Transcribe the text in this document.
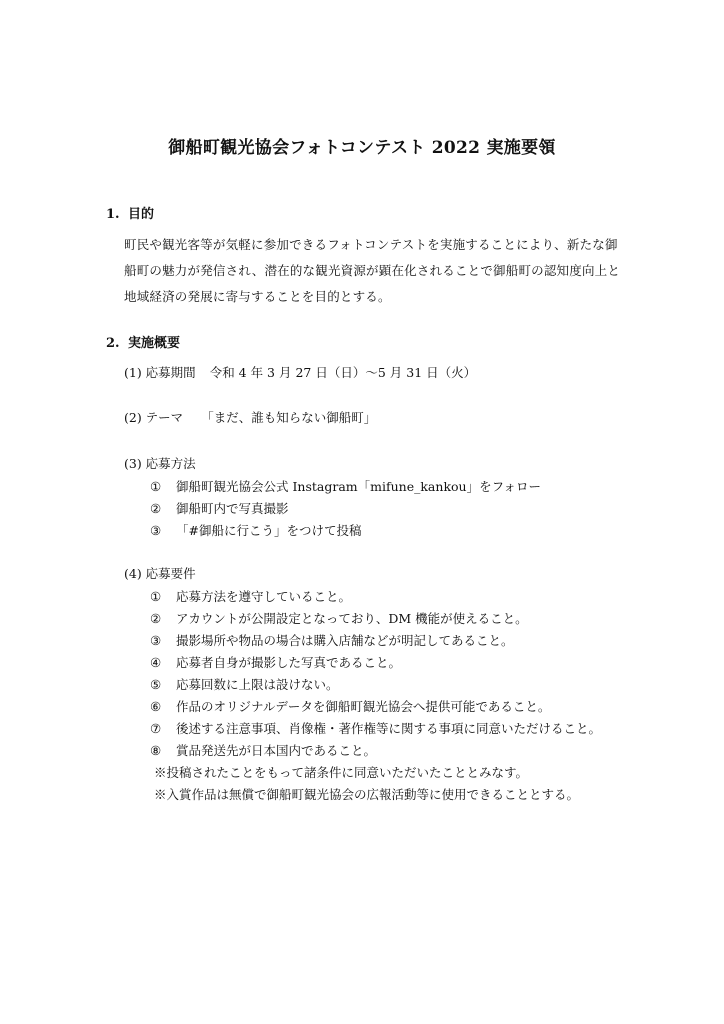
御船町観光協会フォトコンテスト 2022 実施要領
1. 目的
町民や観光客等が気軽に参加できるフォトコンテストを実施することにより、新たな御
船町の魅力が発信され、潜在的な観光資源が顕在化されることで御船町の認知度向上と
地域経済の発展に寄与することを目的とする。
2. 実施概要
(1) 応募期間 令和 4 年 3 月 27 日（日）～5 月 31 日（火）
(2) テーマ 「まだ、誰も知らない御船町」
(3) 応募方法
① 御船町観光協会公式 Instagram「mifune_kankou」をフォロー
② 御船町内で写真撮影
③ 「#御船に行こう」をつけて投稿
(4) 応募要件
① 応募方法を遵守していること。
② アカウントが公開設定となっており、DM 機能が使えること。
③ 撮影場所や物品の場合は購入店舗などが明記してあること。
④ 応募者自身が撮影した写真であること。
⑤ 応募回数に上限は設けない。
⑥ 作品のオリジナルデータを御船町観光協会へ提供可能であること。
⑦ 後述する注意事項、肖像権・著作権等に関する事項に同意いただけること。
⑧ 賞品発送先が日本国内であること。
※投稿されたことをもって諸条件に同意いただいたこととみなす。
※入賞作品は無償で御船町観光協会の広報活動等に使用できることとする。
